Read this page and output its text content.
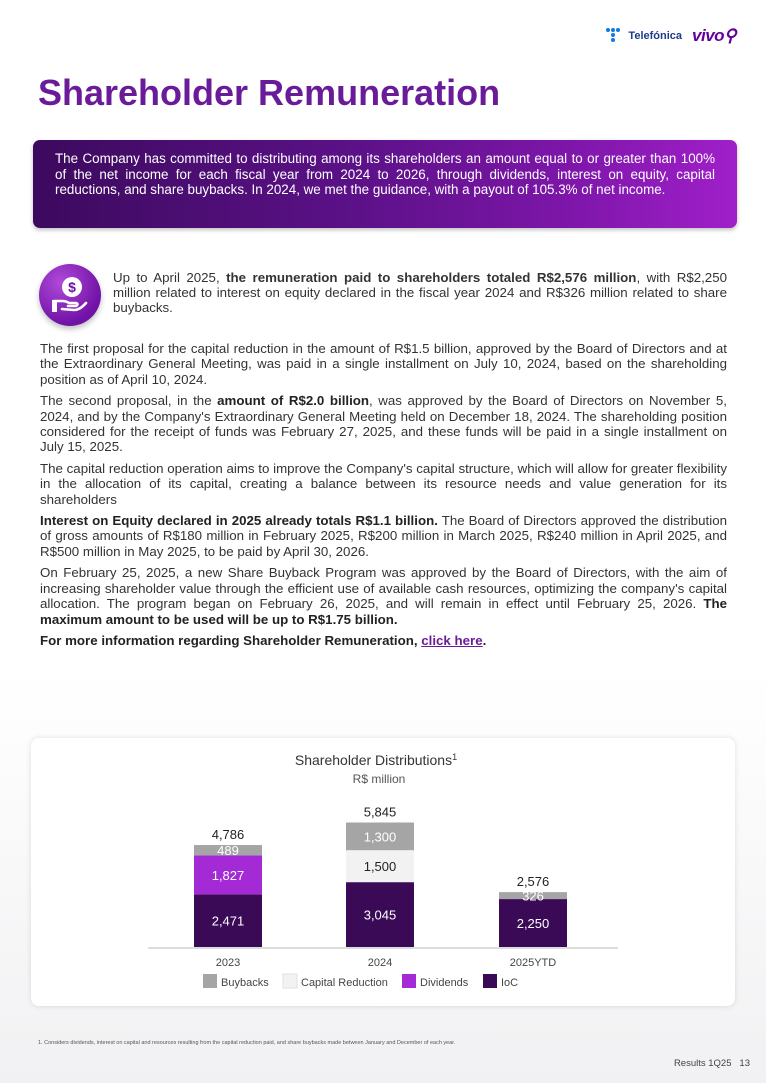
Telefónica vivo⚲
Shareholder Remuneration

The Company has committed to distributing among its shareholders an amount equal to or greater than 100% of the net income for each fiscal year from 2024 to 2026, through dividends, interest on equity, capital reductions, and share buybacks. In 2024, we met the guidance, with a payout of 105.3% of net income.

$

Up to April 2025, the remuneration paid to shareholders totaled R$2,576 million, with R$2,250 million related to interest on equity declared in the fiscal year 2024 and R$326 million related to share buybacks.

The first proposal for the capital reduction in the amount of R$1.5 billion, approved by the Board of Directors and at the Extraordinary General Meeting, was paid in a single installment on July 10, 2024, based on the shareholding position as of April 10, 2024.

The second proposal, in the amount of R$2.0 billion, was approved by the Board of Directors on November 5, 2024, and by the Company's Extraordinary General Meeting held on December 18, 2024. The shareholding position considered for the receipt of funds was February 27, 2025, and these funds will be paid in a single installment on July 15, 2025.

The capital reduction operation aims to improve the Company's capital structure, which will allow for greater flexibility in the allocation of its capital, creating a balance between its resource needs and value generation for its shareholders

Interest on Equity declared in 2025 already totals R$1.1 billion. The Board of Directors approved the distribution of gross amounts of R$180 million in February 2025, R$200 million in March 2025, R$240 million in April 2025, and R$500 million in May 2025, to be paid by April 30, 2026.

On February 25, 2025, a new Share Buyback Program was approved by the Board of Directors, with the aim of increasing shareholder value through the efficient use of available cash resources, optimizing the company's capital allocation. The program began on February 26, 2025, and will remain in effect until February 25, 2026. The maximum amount to be used will be up to R$1.75 billion.

For more information regarding Shareholder Remuneration, click here.

Shareholder Distributions$^1$
R$ million
2,471
1,827
489
4,786
2023
3,045
1,500
1,300
5,845
2024
2,250
326
2,576
2025YTD
Buybacks	Capital Reduction	Dividends	IoC
1. Considers dividends, interest on capital and resources resulting from the capital reduction paid, and share buybacks made between January and December of each year.
Results 1Q25 13
